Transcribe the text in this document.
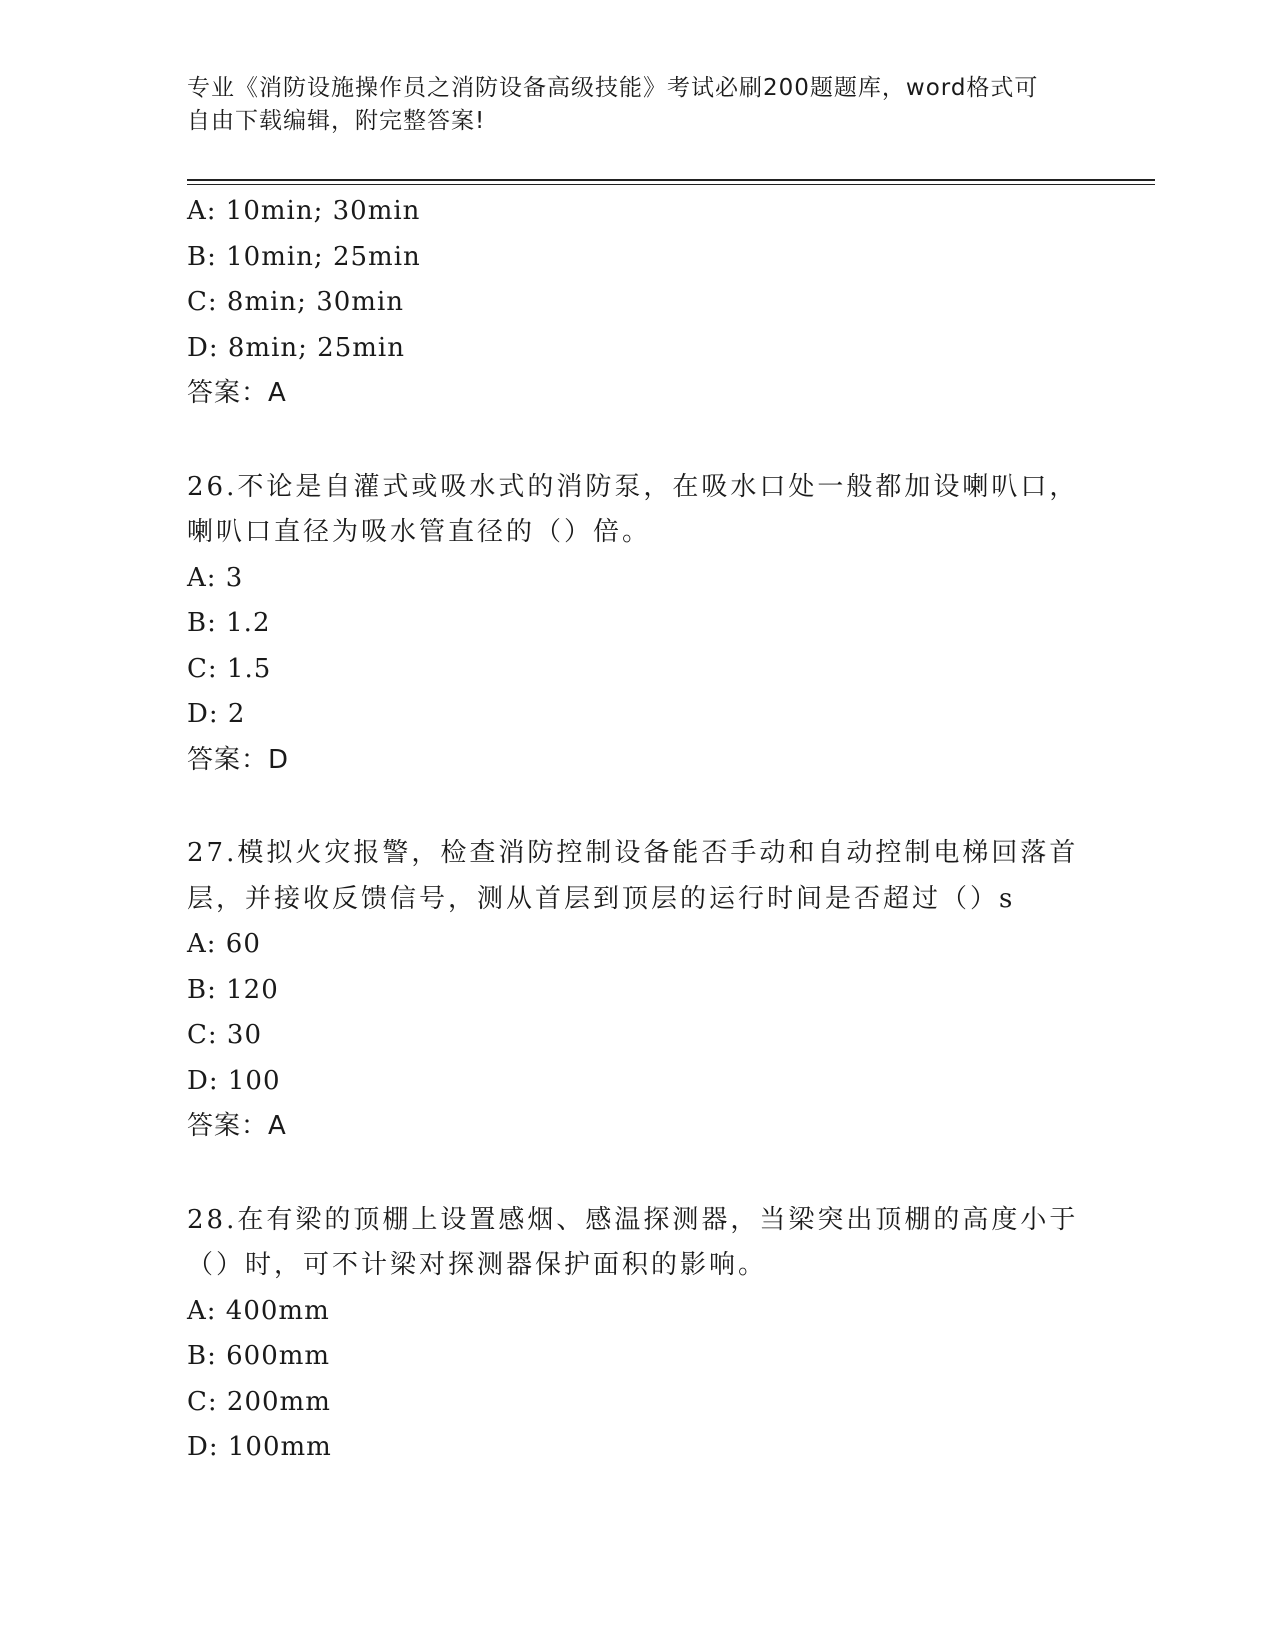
专业《消防设施操作员之消防设备高级技能》考试必刷200题题库，word格式可
自由下载编辑，附完整答案!
A: 10min; 30min
B: 10min; 25min
C: 8min; 30min
D: 8min; 25min
答案：A
26.不论是自灌式或吸水式的消防泵，在吸水口处一般都加设喇叭口，
喇叭口直径为吸水管直径的（）倍。
A: 3
B: 1.2
C: 1.5
D: 2
答案：D
27.模拟火灾报警，检查消防控制设备能否手动和自动控制电梯回落首
层，并接收反馈信号，测从首层到顶层的运行时间是否超过（）s
A: 60
B: 120
C: 30
D: 100
答案：A
28.在有梁的顶棚上设置感烟、感温探测器，当梁突出顶棚的高度小于
（）时，可不计梁对探测器保护面积的影响。
A: 400mm
B: 600mm
C: 200mm
D: 100mm
